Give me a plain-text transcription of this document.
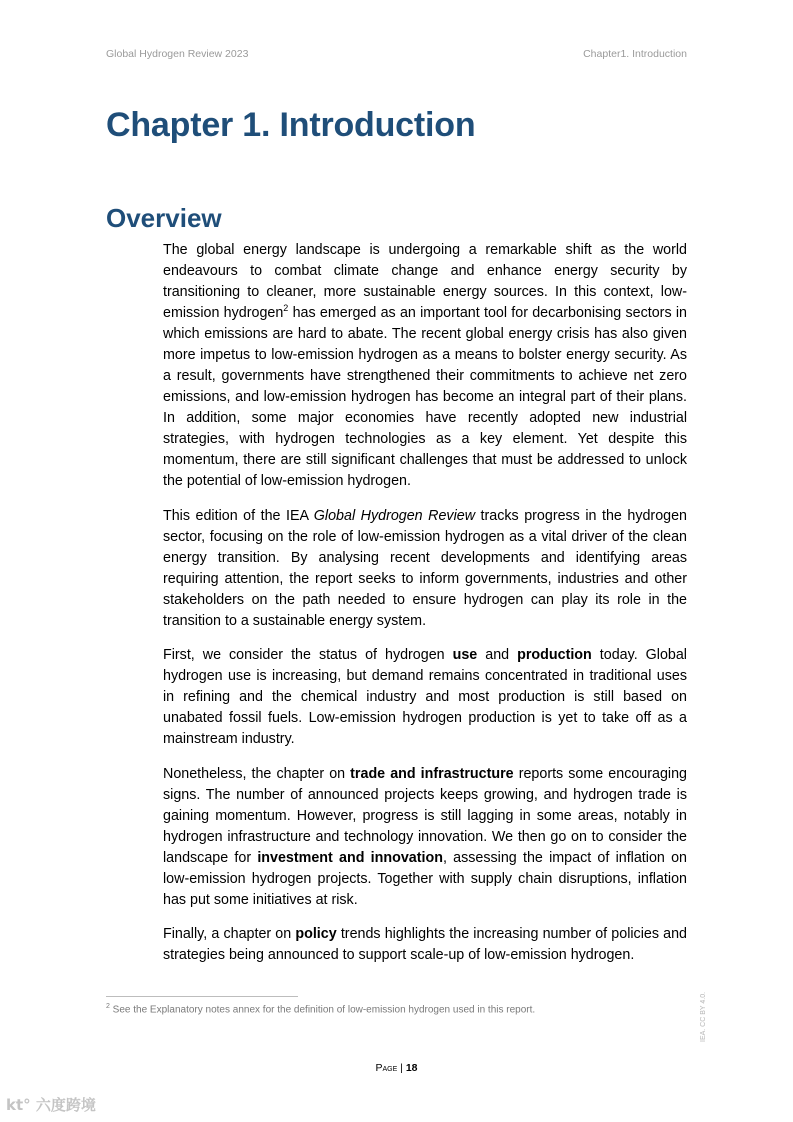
Global Hydrogen Review 2023	Chapter1. Introduction
Chapter 1. Introduction
Overview

The global energy landscape is undergoing a remarkable shift as the world endeavours to combat climate change and enhance energy security by transitioning to cleaner, more sustainable energy sources. In this context, low-emission hydrogen$^2$ has emerged as an important tool for decarbonising sectors in which emissions are hard to abate. The recent global energy crisis has also given more impetus to low-emission hydrogen as a means to bolster energy security. As a result, governments have strengthened their commitments to achieve net zero emissions, and low-emission hydrogen has become an integral part of their plans. In addition, some major economies have recently adopted new industrial strategies, with hydrogen technologies as a key element. Yet despite this momentum, there are still significant challenges that must be addressed to unlock the potential of low-emission hydrogen.

This edition of the IEA Global Hydrogen Review tracks progress in the hydrogen sector, focusing on the role of low-emission hydrogen as a vital driver of the clean energy transition. By analysing recent developments and identifying areas requiring attention, the report seeks to inform governments, industries and other stakeholders on the path needed to ensure hydrogen can play its role in the transition to a sustainable energy system.

First, we consider the status of hydrogen use and production today. Global hydrogen use is increasing, but demand remains concentrated in traditional uses in refining and the chemical industry and most production is still based on unabated fossil fuels. Low-emission hydrogen production is yet to take off as a mainstream industry.

Nonetheless, the chapter on trade and infrastructure reports some encouraging signs. The number of announced projects keeps growing, and hydrogen trade is gaining momentum. However, progress is still lagging in some areas, notably in hydrogen infrastructure and technology innovation. We then go on to consider the landscape for investment and innovation, assessing the impact of inflation on low-emission hydrogen projects. Together with supply chain disruptions, inflation has put some initiatives at risk.

Finally, a chapter on policy trends highlights the increasing number of policies and strategies being announced to support scale-up of low-emission hydrogen.

$^2$ See the Explanatory notes annex for the definition of low-emission hydrogen used in this report.
Page | 18
IEA. CC BY 4.0.
kt° 六度跨境
